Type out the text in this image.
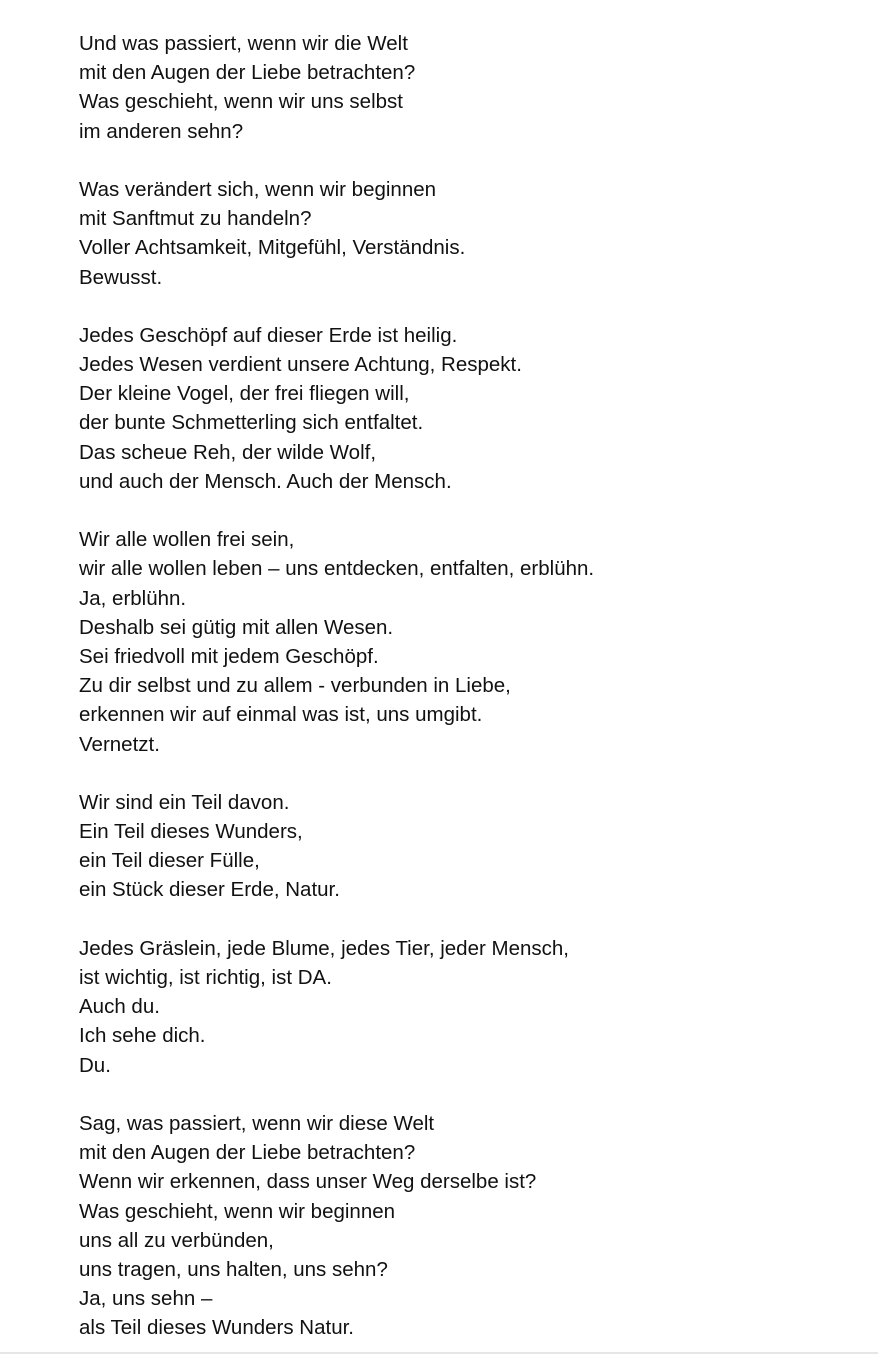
Und was passiert, wenn wir die Welt
mit den Augen der Liebe betrachten?
Was geschieht, wenn wir uns selbst
im anderen sehn?
Was verändert sich, wenn wir beginnen
mit Sanftmut zu handeln?
Voller Achtsamkeit, Mitgefühl, Verständnis.
Bewusst.
Jedes Geschöpf auf dieser Erde ist heilig.
Jedes Wesen verdient unsere Achtung, Respekt.
Der kleine Vogel, der frei fliegen will,
der bunte Schmetterling sich entfaltet.
Das scheue Reh, der wilde Wolf,
und auch der Mensch. Auch der Mensch.
Wir alle wollen frei sein,
wir alle wollen leben – uns entdecken, entfalten, erblühn.
Ja, erblühn.
Deshalb sei gütig mit allen Wesen.
Sei friedvoll mit jedem Geschöpf.
Zu dir selbst und zu allem - verbunden in Liebe,
erkennen wir auf einmal was ist, uns umgibt.
Vernetzt.
Wir sind ein Teil davon.
Ein Teil dieses Wunders,
ein Teil dieser Fülle,
ein Stück dieser Erde, Natur.
Jedes Gräslein, jede Blume, jedes Tier, jeder Mensch,
ist wichtig, ist richtig, ist DA.
Auch du.
Ich sehe dich.
Du.
Sag, was passiert, wenn wir diese Welt
mit den Augen der Liebe betrachten?
Wenn wir erkennen, dass unser Weg derselbe ist?
Was geschieht, wenn wir beginnen
uns all zu verbünden,
uns tragen, uns halten, uns sehn?
Ja, uns sehn –
als Teil dieses Wunders Natur.
